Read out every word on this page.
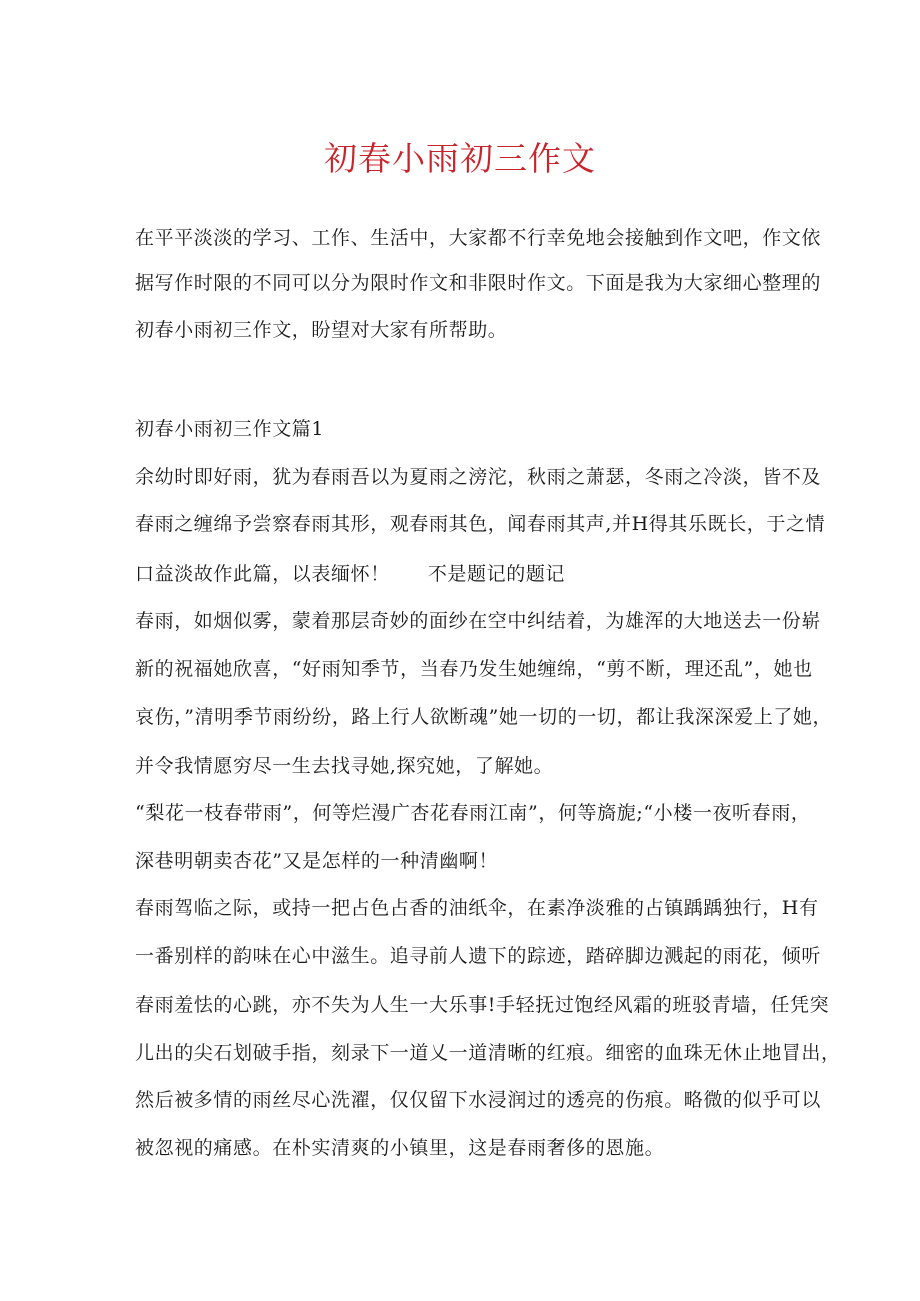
初春小雨初三作文
在平平淡淡的学习、工作、生活中，大家都不行幸免地会接触到作文吧，作文依
据写作时限的不同可以分为限时作文和非限时作文。下面是我为大家细心整理的
初春小雨初三作文，盼望对大家有所帮助。
初春小雨初三作文篇1
余幼时即好雨，犹为春雨吾以为夏雨之滂沱，秋雨之萧瑟，冬雨之冷淡，皆不及
春雨之缠绵予尝察春雨其形，观春雨其色，闻春雨其声,并H得其乐既长，于之情
口益淡故作此篇，以表缅怀！ 不是题记的题记
春雨，如烟似雾，蒙着那层奇妙的面纱在空中纠结着，为雄浑的大地送去一份崭
新的祝福她欣喜，“好雨知季节，当春乃发生她缠绵，“剪不断，理还乱”，她也
哀伤，”清明季节雨纷纷，路上行人欲断魂”她一切的一切，都让我深深爱上了她，
并令我情愿穷尽一生去找寻她,探究她，了解她。
“梨花一枝春带雨”，何等烂漫广杏花春雨江南”，何等旖旎;“小楼一夜听春雨，
深巷明朝卖杏花”又是怎样的一种清幽啊！
春雨驾临之际，或持一把占色占香的油纸伞，在素净淡雅的占镇踽踽独行，H有
一番别样的韵味在心中滋生。追寻前人遗下的踪迹，踏碎脚边溅起的雨花，倾听
春雨羞怯的心跳，亦不失为人生一大乐事!手轻抚过饱经风霜的班驳青墙，任凭突
儿出的尖石划破手指，刻录下一道乂一道清晰的红痕。细密的血珠无休止地冒出，
然后被多情的雨丝尽心洗濯，仅仅留下水浸润过的透亮的伤痕。略微的似乎可以
被忽视的痛感。在朴实清爽的小镇里，这是春雨奢侈的恩施。
